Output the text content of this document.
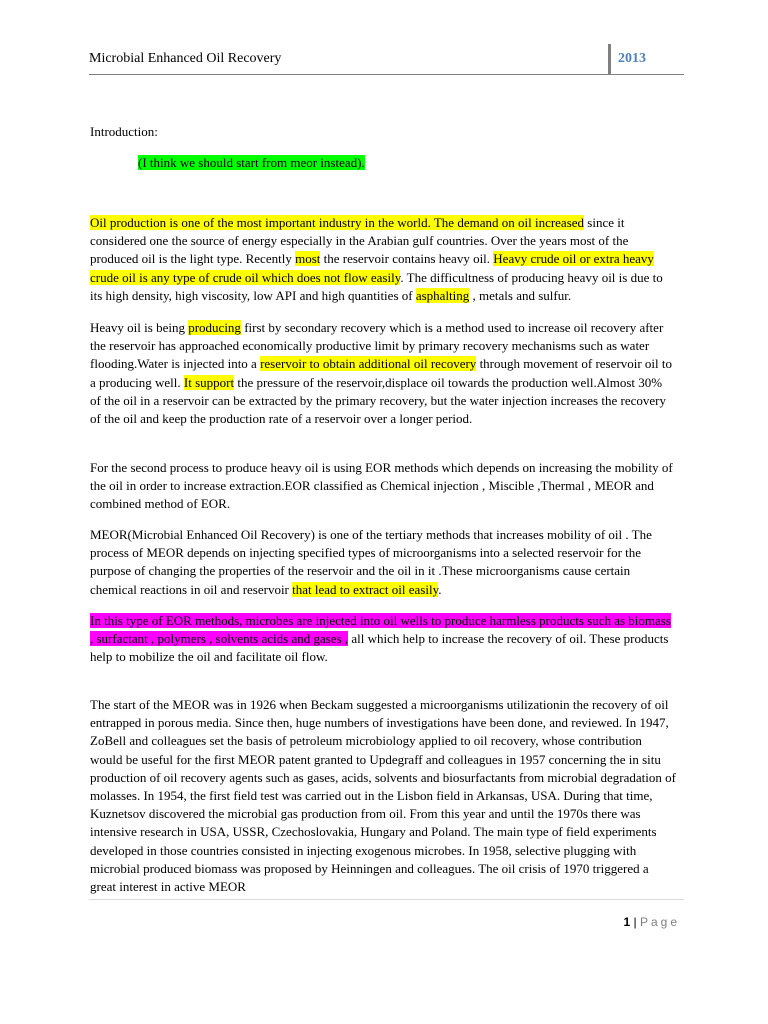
Microbial Enhanced Oil Recovery	2013

Introduction:

(I think we should start from meor instead).

Oil production is one of the most important industry in the world. The demand on oil increased since it considered one the source of energy especially in the Arabian gulf countries. Over the years most of the produced oil is the light type. Recently most the reservoir contains heavy oil. Heavy crude oil or extra heavy crude oil is any type of crude oil which does not flow easily. The difficultness of producing heavy oil is due to its high density, high viscosity, low API and high quantities of asphalting , metals and sulfur.

Heavy oil is being producing first by secondary recovery which is a method used to increase oil recovery after the reservoir has approached economically productive limit by primary recovery mechanisms such as water flooding.Water is injected into a reservoir to obtain additional oil recovery through movement of reservoir oil to a producing well. It support the pressure of the reservoir,displace oil towards the production well.Almost 30% of the oil in a reservoir can be extracted by the primary recovery, but the water injection increases the recovery of the oil and keep the production rate of a reservoir over a longer period.

For the second process to produce heavy oil is using EOR methods which depends on increasing the mobility of the oil in order to increase extraction.EOR classified as Chemical injection , Miscible ,Thermal , MEOR and combined method of EOR.

MEOR(Microbial Enhanced Oil Recovery) is one of the tertiary methods that increases mobility of oil . The process of MEOR depends on injecting specified types of microorganisms into a selected reservoir for the purpose of changing the properties of the reservoir and the oil in it .These microorganisms cause certain chemical reactions in oil and reservoir that lead to extract oil easily.

In this type of EOR methods, microbes are injected into oil wells to produce harmless products such as biomass , surfactant , polymers , solvents acids and gases , all which help to increase the recovery of oil. These products help to mobilize the oil and facilitate oil flow.

The start of the MEOR was in 1926 when Beckam suggested a microorganisms utilizationin the recovery of oil entrapped in porous media. Since then, huge numbers of investigations have been done, and reviewed. In 1947, ZoBell and colleagues set the basis of petroleum microbiology applied to oil recovery, whose contribution would be useful for the first MEOR patent granted to Updegraff and colleagues in 1957 concerning the in situ production of oil recovery agents such as gases, acids, solvents and biosurfactants from microbial degradation of molasses. In 1954, the first field test was carried out in the Lisbon field in Arkansas, USA. During that time, Kuznetsov discovered the microbial gas production from oil. From this year and until the 1970s there was intensive research in USA, USSR, Czechoslovakia, Hungary and Poland. The main type of field experiments developed in those countries consisted in injecting exogenous microbes. In 1958, selective plugging with microbial produced biomass was proposed by Heinningen and colleagues. The oil crisis of 1970 triggered a great interest in active MEOR

1 | Page
